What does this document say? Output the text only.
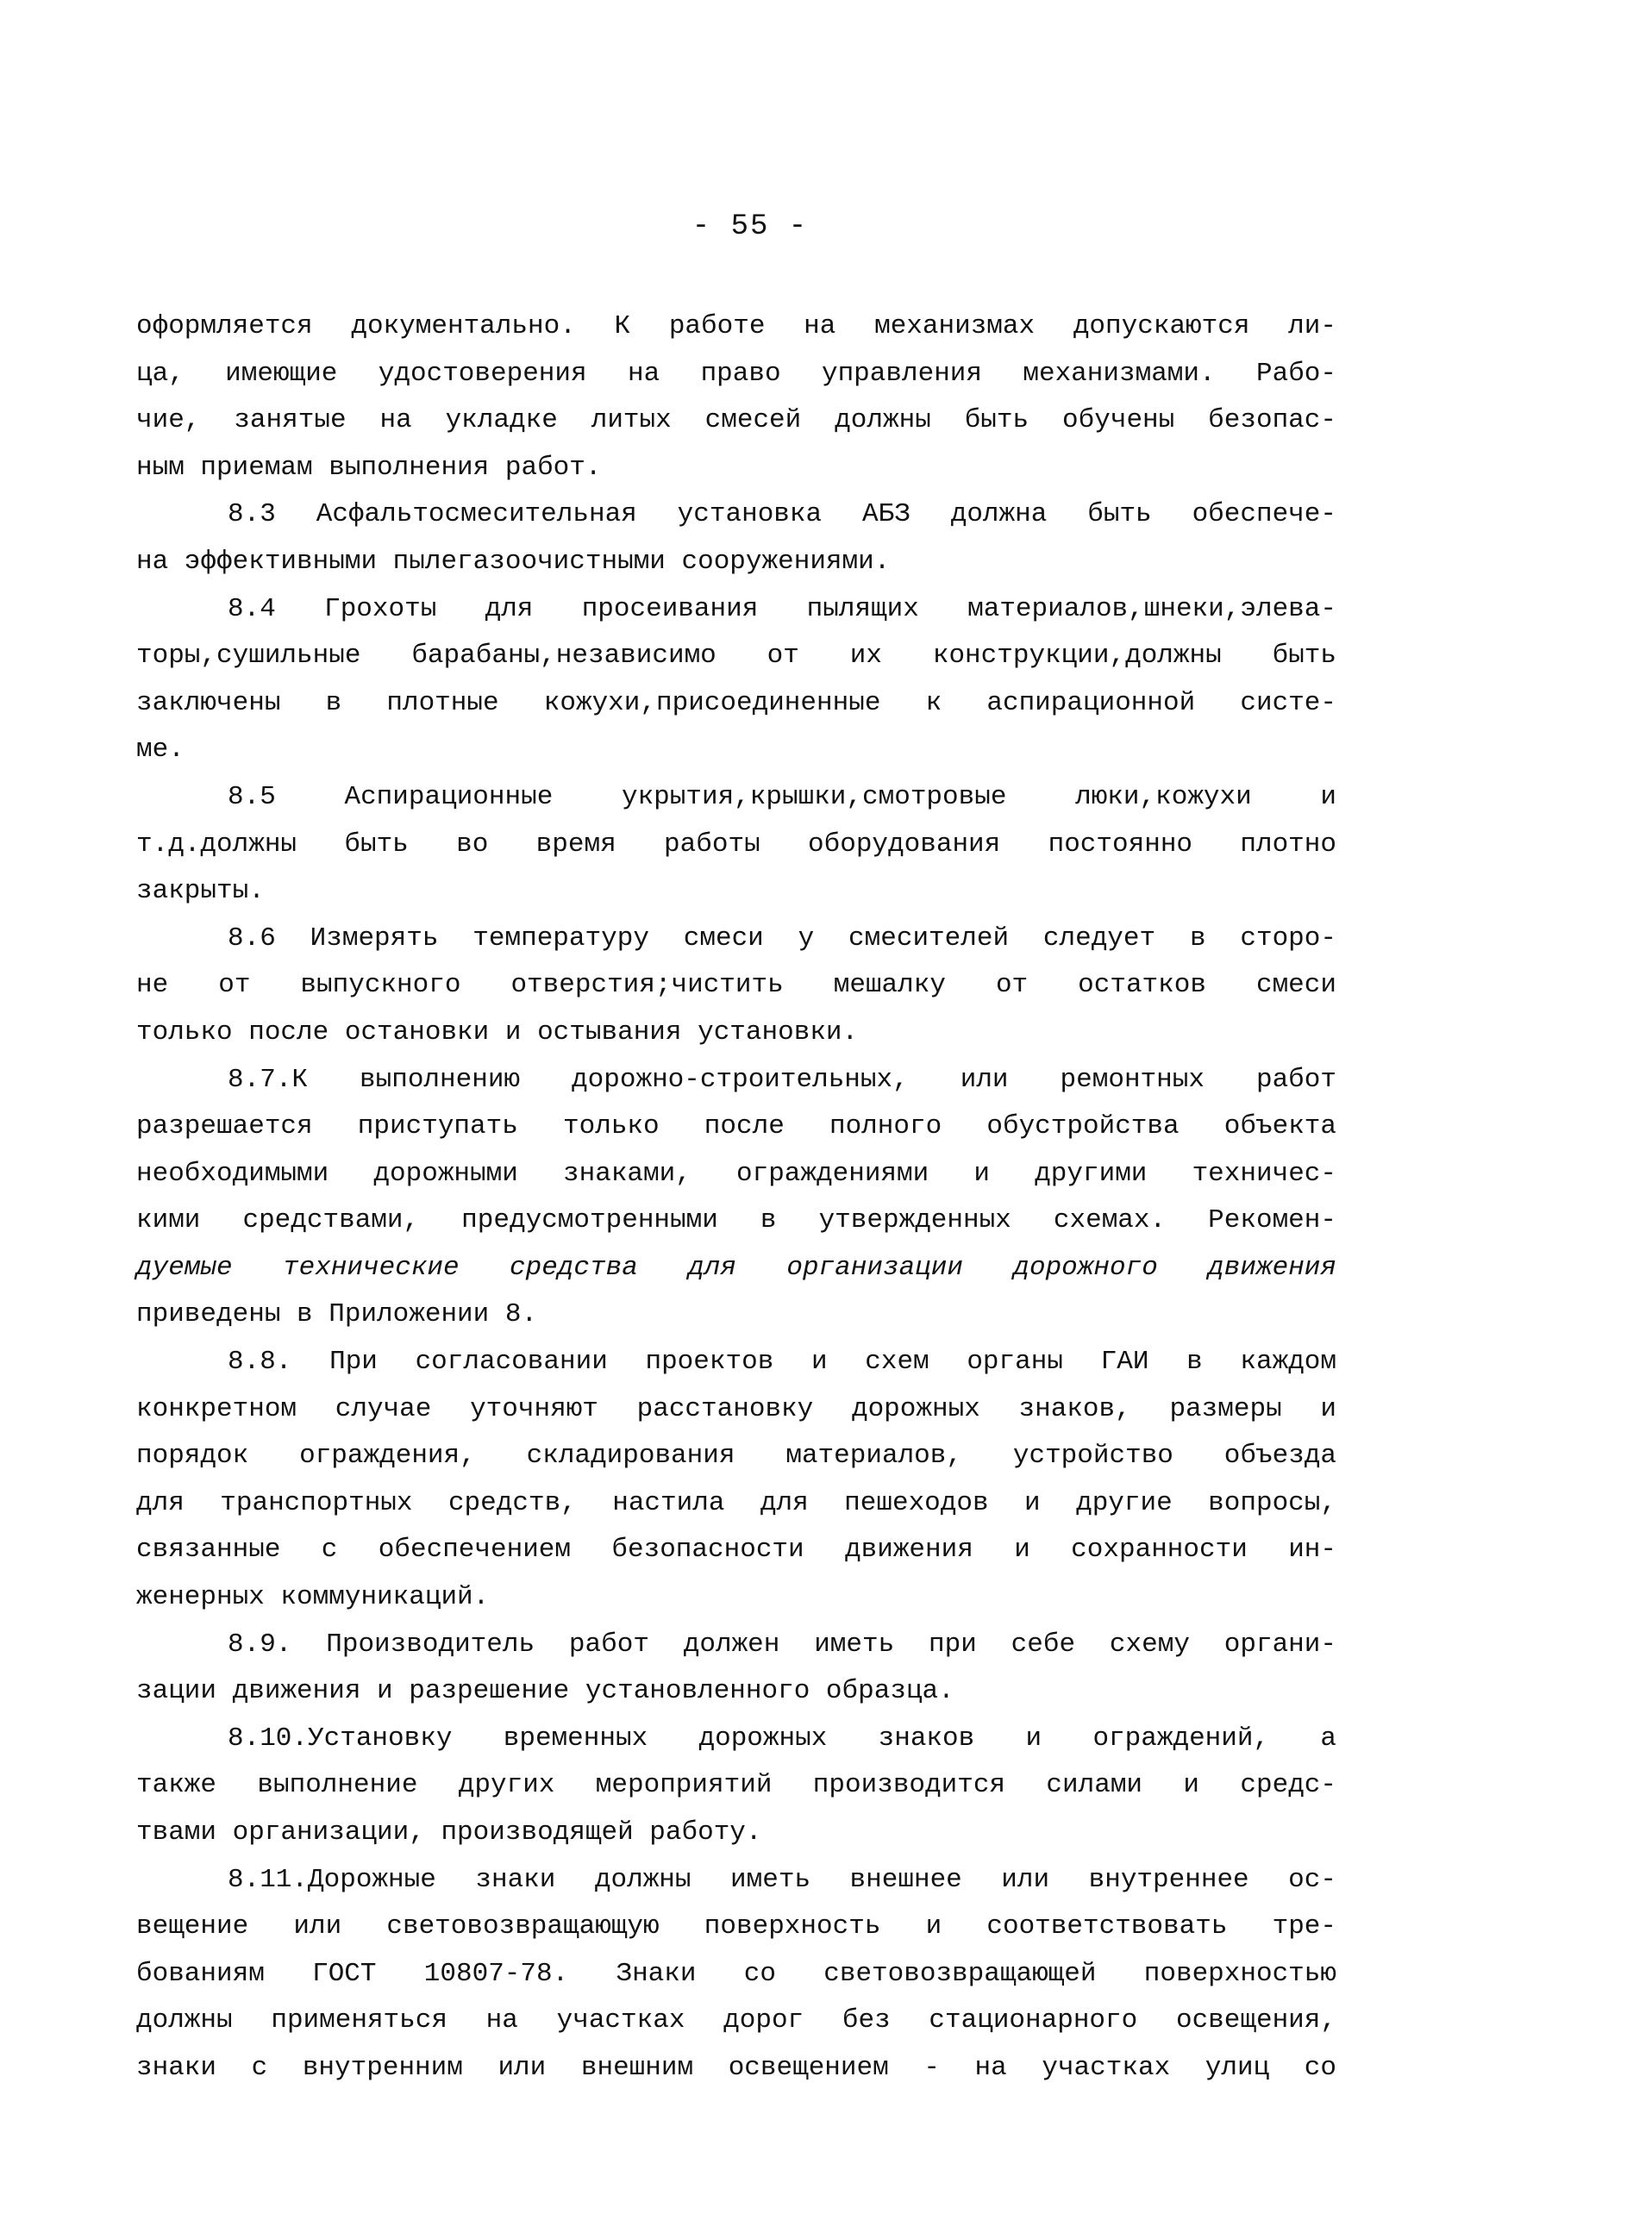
- 55 -
оформляется документально. К работе на механизмах допускаются ли-
ца, имеющие удостоверения на право управления механизмами. Рабо-
чие, занятые на укладке литых смесей должны быть обучены безопас-
ным приемам выполнения работ.
8.3 Асфальтосмесительная установка АБЗ должна быть обеспече-
на эффективными пылегазоочистными сооружениями.
8.4 Грохоты для просеивания пылящих материалов,шнеки,элева-
торы,сушильные барабаны,независимо от их конструкции,должны быть
заключены в плотные кожухи,присоединенные к аспирационной систе-
ме.
8.5 Аспирационные укрытия,крышки,смотровые люки,кожухи и
т.д.должны быть во время работы оборудования постоянно плотно
закрыты.
8.6 Измерять температуру смеси у смесителей следует в сторо-
не от выпускного отверстия;чистить мешалку от остатков смеси
только после остановки и остывания установки.
8.7.К выполнению дорожно-строительных, или ремонтных работ
разрешается приступать только после полного обустройства объекта
необходимыми дорожными знаками, ограждениями и другими техничес-
кими средствами, предусмотренными в утвержденных схемах. Рекомен-
дуемые технические средства для организации дорожного движения
приведены в Приложении 8.
8.8. При согласовании проектов и схем органы ГАИ в каждом
конкретном случае уточняют расстановку дорожных знаков, размеры и
порядок ограждения, складирования материалов, устройство объезда
для транспортных средств, настила для пешеходов и другие вопросы,
связанные с обеспечением безопасности движения и сохранности ин-
женерных коммуникаций.
8.9. Производитель работ должен иметь при себе схему органи-
зации движения и разрешение установленного образца.
8.10.Установку временных дорожных знаков и ограждений, а
также выполнение других мероприятий производится силами и средс-
твами организации, производящей работу.
8.11.Дорожные знаки должны иметь внешнее или внутреннее ос-
вещение или световозвращающую поверхность и соответствовать тре-
бованиям ГОСТ 10807-78. Знаки со световозвращающей поверхностью
должны применяться на участках дорог без стационарного освещения,
знаки с внутренним или внешним освещением - на участках улиц со
